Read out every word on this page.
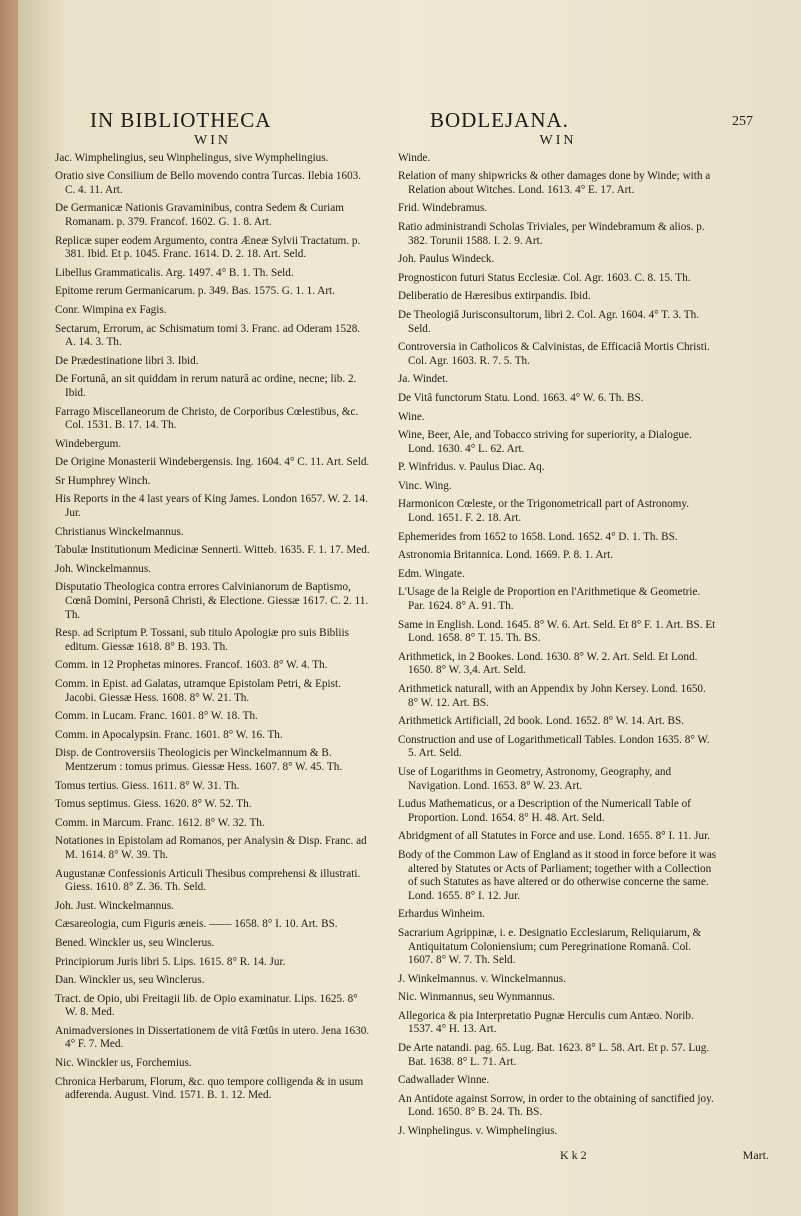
IN BIBLIOTHECA	BODLEJANA.	257
WIN
Jac. Wimphelingius, seu Winphelingus, sive Wymphelingius.
Oratio sive Consilium de Bello movendo contra Turcas. Ilebia 1603. C. 4. 11. Art.
De Germanicæ Nationis Gravaminibus, contra Sedem & Curiam Romanam. p. 379. Francof. 1602. G. 1. 8. Art.
Replicæ super eodem Argumento, contra Æneæ Sylvii Tractatum. p. 381. Ibid. Et p. 1045. Franc. 1614. D. 2. 18. Art. Seld.
Libellus Grammaticalis. Arg. 1497. 4° B. 1. Th. Seld.
Epitome rerum Germanicarum. p. 349. Bas. 1575. G. 1. 1. Art.
Conr. Wimpina ex Fagis.
Sectarum, Errorum, ac Schismatum tomi 3. Franc. ad Oderam 1528. A. 14. 3. Th.
De Prædestinatione libri 3. Ibid.
De Fortunâ, an sit quiddam in rerum naturâ ac ordine, necne; lib. 2. Ibid.
Farrago Miscellaneorum de Christo, de Corporibus Cœlestibus, &c. Col. 1531. B. 17. 14. Th.
Windebergum.
De Origine Monasterii Windebergensis. Ing. 1604. 4° C. 11. Art. Seld.
Sr Humphrey Winch.
His Reports in the 4 last years of King James. London 1657. W. 2. 14. Jur.
Christianus Winckelmannus.
Tabulæ Institutionum Medicinæ Sennerti. Witteb. 1635. F. 1. 17. Med.
Joh. Winckelmannus.
Disputatio Theologica contra errores Calvinianorum de Baptismo, Cœnâ Domini, Personâ Christi, & Electione. Giessæ 1617. C. 2. 11. Th.
Resp. ad Scriptum P. Tossani, sub titulo Apologiæ pro suis Bibliis editum. Giessæ 1618. 8° B. 193. Th.
Comm. in 12 Prophetas minores. Francof. 1603. 8° W. 4. Th.
Comm. in Epist. ad Galatas, utramque Epistolam Petri, & Epist. Jacobi. Giessæ Hess. 1608. 8° W. 21. Th.
Comm. in Lucam. Franc. 1601. 8° W. 18. Th.
Comm. in Apocalypsin. Franc. 1601. 8° W. 16. Th.
Disp. de Controversiis Theologicis per Winckelmannum & B. Mentzerum : tomus primus. Giessæ Hess. 1607. 8° W. 45. Th.
Tomus tertius. Giess. 1611. 8° W. 31. Th.
Tomus septimus. Giess. 1620. 8° W. 52. Th.
Comm. in Marcum. Franc. 1612. 8° W. 32. Th.
Notationes in Epistolam ad Romanos, per Analysin & Disp. Franc. ad M. 1614. 8° W. 39. Th.
Augustanæ Confessionis Articuli Thesibus comprehensi & illustrati. Giess. 1610. 8° Z. 36. Th. Seld.
Joh. Just. Winckelmannus.
Cæsareologia, cum Figuris æneis. —— 1658. 8° I. 10. Art. BS.
Bened. Winckler us, seu Winclerus.
Principiorum Juris libri 5. Lips. 1615. 8° R. 14. Jur.
Dan. Winckler us, seu Winclerus.
Tract. de Opio, ubi Freitagii lib. de Opio examinatur. Lips. 1625. 8° W. 8. Med.
Animadversiones in Dissertationem de vitâ Fœtûs in utero. Jena 1630. 4° F. 7. Med.
Nic. Winckler us, Forchemius.
Chronica Herbarum, Florum, &c. quo tempore colligenda & in usum adferenda. August. Vind. 1571. B. 1. 12. Med.
WIN
Winde.
Relation of many shipwricks & other damages done by Winde; with a Relation about Witches. Lond. 1613. 4° E. 17. Art.
Frid. Windebramus.
Ratio administrandi Scholas Triviales, per Windebramum & alios. p. 382. Torunii 1588. I. 2. 9. Art.
Joh. Paulus Windeck.
Prognosticon futuri Status Ecclesiæ. Col. Agr. 1603. C. 8. 15. Th.
Deliberatio de Hæresibus extirpandis. Ibid.
De Theologiâ Jurisconsultorum, libri 2. Col. Agr. 1604. 4° T. 3. Th. Seld.
Controversia in Catholicos & Calvinistas, de Efficaciâ Mortis Christi. Col. Agr. 1603. R. 7. 5. Th.
Ja. Windet.
De Vitâ functorum Statu. Lond. 1663. 4° W. 6. Th. BS.
Wine.
Wine, Beer, Ale, and Tobacco striving for superiority, a Dialogue. Lond. 1630. 4° L. 62. Art.
P. Winfridus. v. Paulus Diac. Aq.
Vinc. Wing.
Harmonicon Cœleste, or the Trigonometricall part of Astronomy. Lond. 1651. F. 2. 18. Art.
Ephemerides from 1652 to 1658. Lond. 1652. 4° D. 1. Th. BS.
Astronomia Britannica. Lond. 1669. P. 8. 1. Art.
Edm. Wingate.
L'Usage de la Reigle de Proportion en l'Arithmetique & Geometrie. Par. 1624. 8° A. 91. Th.
Same in English. Lond. 1645. 8° W. 6. Art. Seld. Et 8° F. 1. Art. BS. Et Lond. 1658. 8° T. 15. Th. BS.
Arithmetick, in 2 Bookes. Lond. 1630. 8° W. 2. Art. Seld. Et Lond. 1650. 8° W. 3,4. Art. Seld.
Arithmetick naturall, with an Appendix by John Kersey. Lond. 1650. 8° W. 12. Art. BS.
Arithmetick Artificiall, 2d book. Lond. 1652. 8° W. 14. Art. BS.
Construction and use of Logarithmeticall Tables. London 1635. 8° W. 5. Art. Seld.
Use of Logarithms in Geometry, Astronomy, Geography, and Navigation. Lond. 1653. 8° W. 23. Art.
Ludus Mathematicus, or a Description of the Numericall Table of Proportion. Lond. 1654. 8° H. 48. Art. Seld.
Abridgment of all Statutes in Force and use. Lond. 1655. 8° I. 11. Jur.
Body of the Common Law of England as it stood in force before it was altered by Statutes or Acts of Parliament; together with a Collection of such Statutes as have altered or do otherwise concerne the same. Lond. 1655. 8° I. 12. Jur.
Erhardus Winheim.
Sacrarium Agrippinæ, i. e. Designatio Ecclesiarum, Reliquiarum, & Antiquitatum Coloniensium; cum Peregrinatione Romanâ. Col. 1607. 8° W. 7. Th. Seld.
J. Winkelmannus. v. Winckelmannus.
Nic. Winmannus, seu Wynmannus.
Allegorica & pia Interpretatio Pugnæ Herculis cum Antæo. Norib. 1537. 4° H. 13. Art.
De Arte natandi. pag. 65. Lug. Bat. 1623. 8° L. 58. Art. Et p. 57. Lug. Bat. 1638. 8° L. 71. Art.
Cadwallader Winne.
An Antidote against Sorrow, in order to the obtaining of sanctified joy. Lond. 1650. 8° B. 24. Th. BS.
J. Winphelingus. v. Wimphelingius.
K k 2	Mart.
